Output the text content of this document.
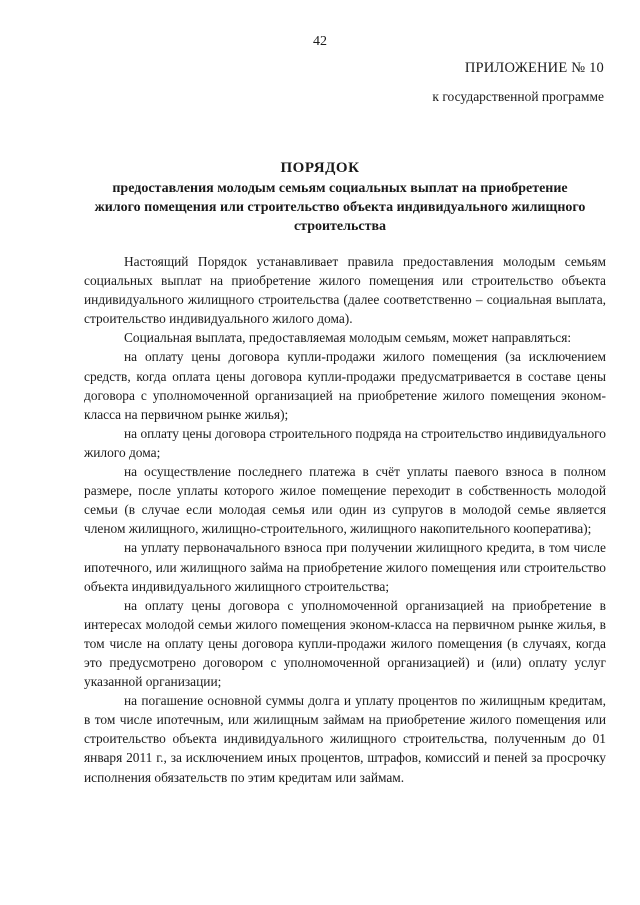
42
ПРИЛОЖЕНИЕ № 10
к государственной программе
ПОРЯДОК
предоставления молодым семьям социальных выплат на приобретение жилого помещения или строительство объекта индивидуального жилищного строительства

Настоящий Порядок устанавливает правила предоставления молодым семьям социальных выплат на приобретение жилого помещения или строительство объекта индивидуального жилищного строительства (далее соответственно – социальная выплата, строительство индивидуального жилого дома).

Социальная выплата, предоставляемая молодым семьям, может направляться:

на оплату цены договора купли-продажи жилого помещения (за исключением средств, когда оплата цены договора купли-продажи предусматривается в составе цены договора с уполномоченной организацией на приобретение жилого помещения эконом-класса на первичном рынке жилья);

на оплату цены договора строительного подряда на строительство индивидуального жилого дома;

на осуществление последнего платежа в счёт уплаты паевого взноса в полном размере, после уплаты которого жилое помещение переходит в собственность молодой семьи (в случае если молодая семья или один из супругов в молодой семье является членом жилищного, жилищно-строительного, жилищного накопительного кооператива);

на уплату первоначального взноса при получении жилищного кредита, в том числе ипотечного, или жилищного займа на приобретение жилого помещения или строительство объекта индивидуального жилищного строительства;

на оплату цены договора с уполномоченной организацией на приобретение в интересах молодой семьи жилого помещения эконом-класса на первичном рынке жилья, в том числе на оплату цены договора купли-продажи жилого помещения (в случаях, когда это предусмотрено договором с уполномоченной организацией) и (или) оплату услуг указанной организации;

на погашение основной суммы долга и уплату процентов по жилищным кредитам, в том числе ипотечным, или жилищным займам на приобретение жилого помещения или строительство объекта индивидуального жилищного строительства, полученным до 01 января 2011 г., за исключением иных процентов, штрафов, комиссий и пеней за просрочку исполнения обязательств по этим кредитам или займам.
